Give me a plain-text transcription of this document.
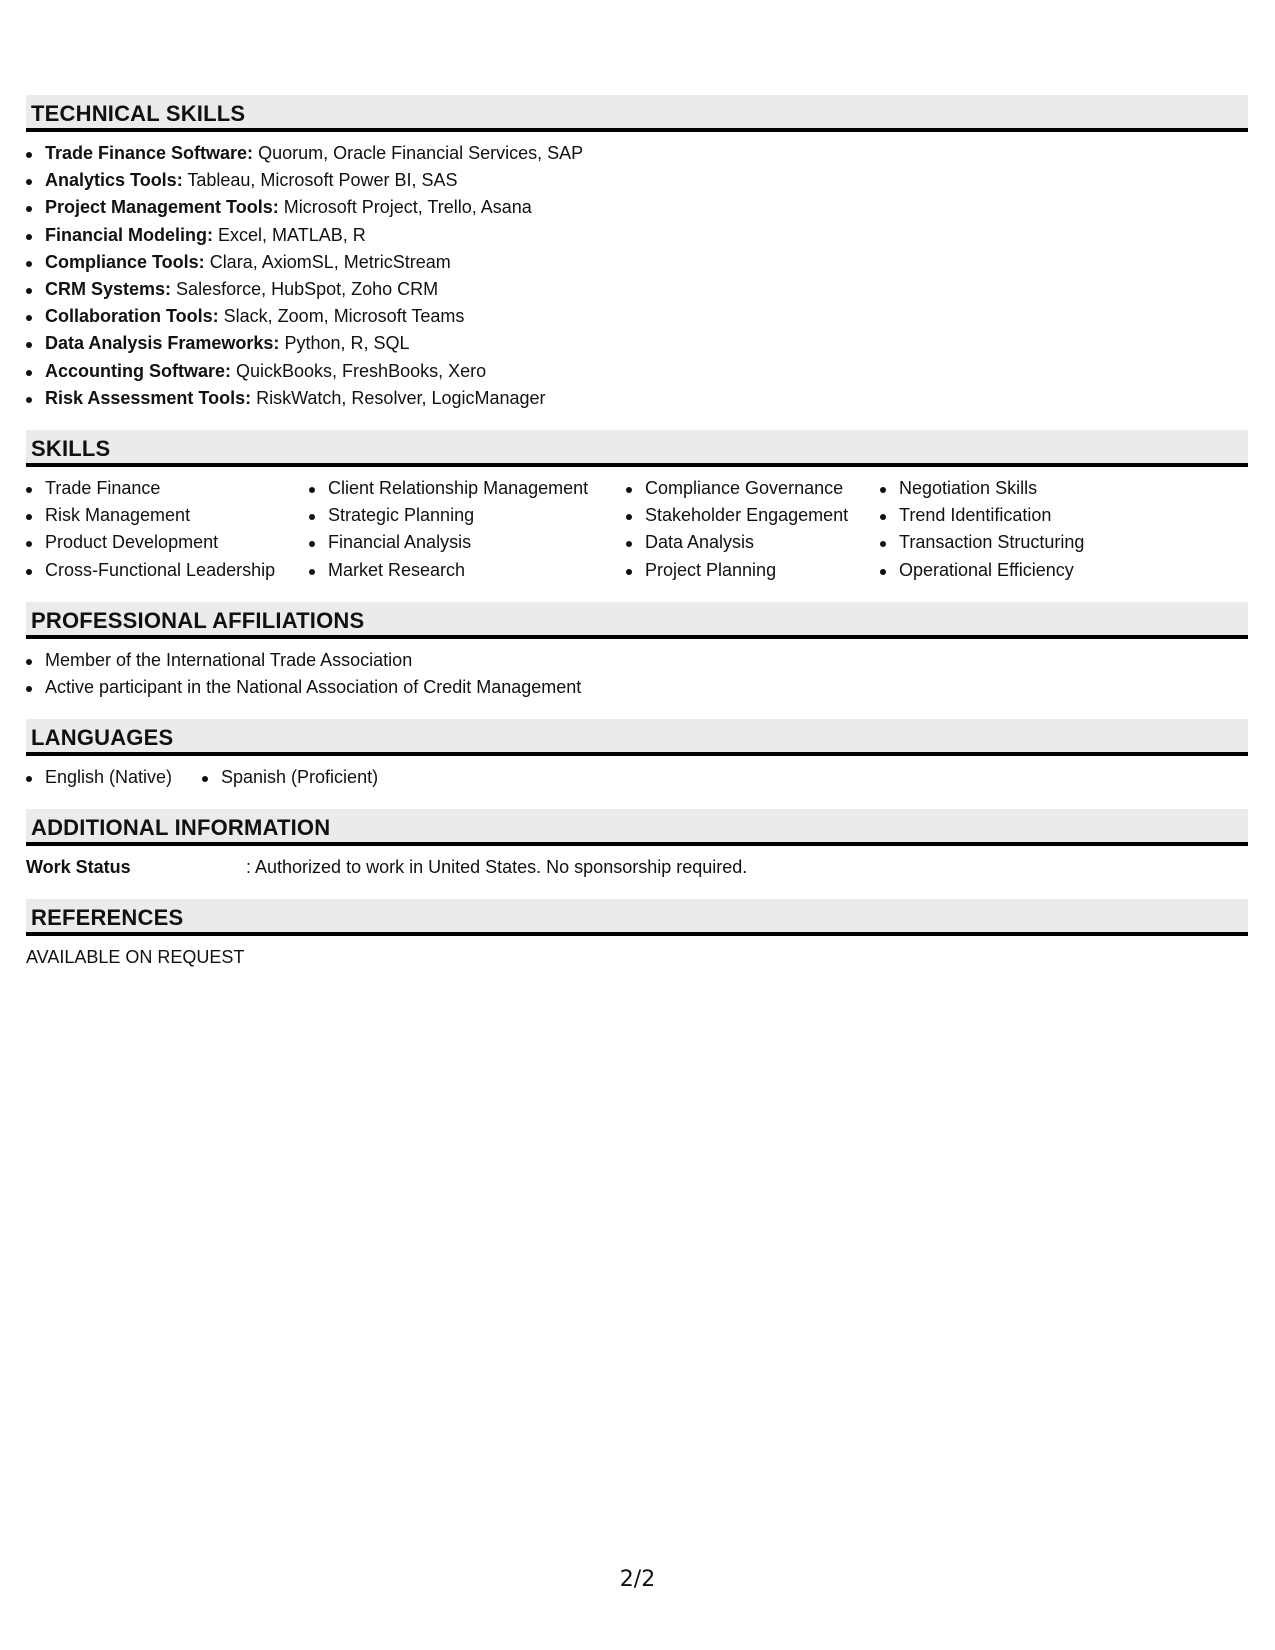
TECHNICAL SKILLS
Trade Finance Software: Quorum, Oracle Financial Services, SAP
Analytics Tools: Tableau, Microsoft Power BI, SAS
Project Management Tools: Microsoft Project, Trello, Asana
Financial Modeling: Excel, MATLAB, R
Compliance Tools: Clara, AxiomSL, MetricStream
CRM Systems: Salesforce, HubSpot, Zoho CRM
Collaboration Tools: Slack, Zoom, Microsoft Teams
Data Analysis Frameworks: Python, R, SQL
Accounting Software: QuickBooks, FreshBooks, Xero
Risk Assessment Tools: RiskWatch, Resolver, LogicManager
SKILLS
Trade Finance
Risk Management
Product Development
Cross-Functional Leadership
Client Relationship Management
Strategic Planning
Financial Analysis
Market Research
Compliance Governance
Stakeholder Engagement
Data Analysis
Project Planning
Negotiation Skills
Trend Identification
Transaction Structuring
Operational Efficiency
PROFESSIONAL AFFILIATIONS
Member of the International Trade Association
Active participant in the National Association of Credit Management
LANGUAGES
English (Native)	Spanish (Proficient)
ADDITIONAL INFORMATION
Work Status	: Authorized to work in United States. No sponsorship required.
REFERENCES
AVAILABLE ON REQUEST
2/2
